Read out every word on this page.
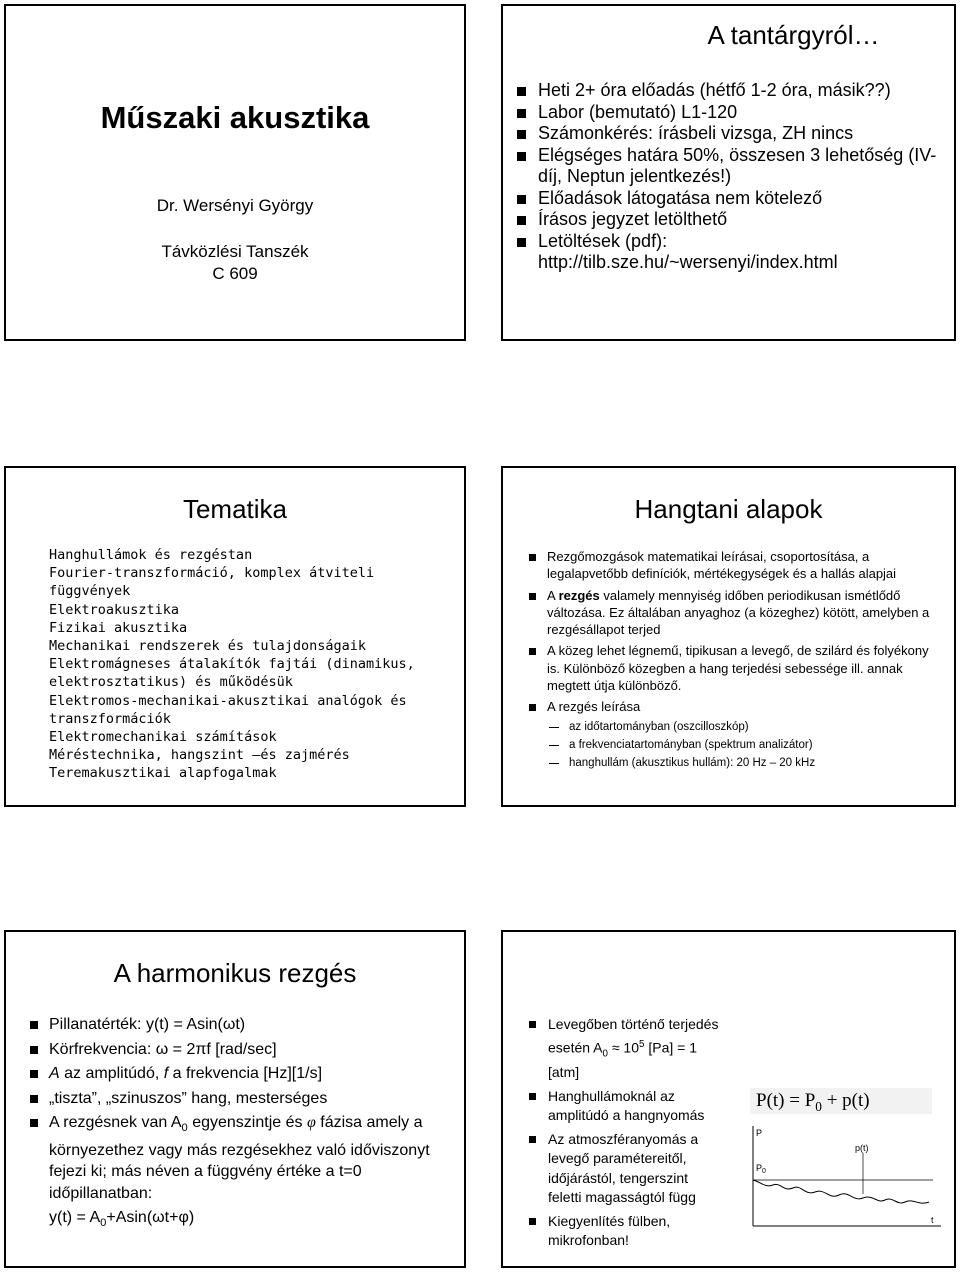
Műszaki akusztika
Dr. Wersényi György
Távközlési Tanszék
C 609
A tantárgyról…
Heti 2+ óra előadás (hétfő 1-2 óra, másik??)
Labor (bemutató) L1-120
Számonkérés: írásbeli vizsga, ZH nincs
Elégséges határa 50%, összesen 3 lehetőség (IV-díj, Neptun jelentkezés!)
Előadások látogatása nem kötelező
Írásos jegyzet letölthető
Letöltések (pdf): http://tilb.sze.hu/~wersenyi/index.html
Tematika
Hanghullámok és rezgéstan
Fourier-transzformáció, komplex átviteli
függvények
Elektroakusztika
Fizikai akusztika
Mechanikai rendszerek és tulajdonságaik
Elektromágneses átalakítók fajtái (dinamikus,
elektrosztatikus) és működésük
Elektromos-mechanikai-akusztikai analógok és
transzformációk
Elektromechanikai számítások
Méréstechnika, hangszint –és zajmérés
Teremakusztikai alapfogalmak
Hangtani alapok
Rezgőmozgások matematikai leírásai, csoportosítása, a legalapvetőbb definíciók, mértékegységek és a hallás alapjai
A rezgés valamely mennyiség időben periodikusan ismétlődő változása. Ez általában anyaghoz (a közeghez) kötött, amelyben a rezgésállapot terjed
A közeg lehet légnemű, tipikusan a levegő, de szilárd és folyékony is. Különböző közegben a hang terjedési sebessége ill. annak megtett útja különböző.
A rezgés leírása
az időtartományban (oszcilloszkóp)
a frekvenciatartományban (spektrum analizátor)
hanghullám (akusztikus hullám): 20 Hz – 20 kHz
A harmonikus rezgés
Pillanatérték: y(t) = Asin(ωt)
Körfrekvencia: ω = 2πf [rad/sec]
A az amplitúdó, f a frekvencia [Hz][1/s]
„tiszta”, „szinuszos” hang, mesterséges
A rezgésnek van $A_0$ egyenszintje és φ fázisa amely a környezethez vagy más rezgésekhez való időviszonyt fejezi ki; más néven a függvény értéke a t=0 időpillanatban:
$y(t) = A_0+Asin(\omega t+\varphi)$
Levegőben történő terjedés esetén $A_0 \approx 10^5$ [Pa] = 1 [atm]
Hanghullámoknál az amplitúdó a hangnyomás
Az atmoszféranyomás a levegő paramétereitől, időjárástól, tengerszint feletti magasságtól függ
Kiegyenlítés fülben, mikrofonban!
$P(t) = P_0 + p(t)$
P
$P_0$
p(t)
t
